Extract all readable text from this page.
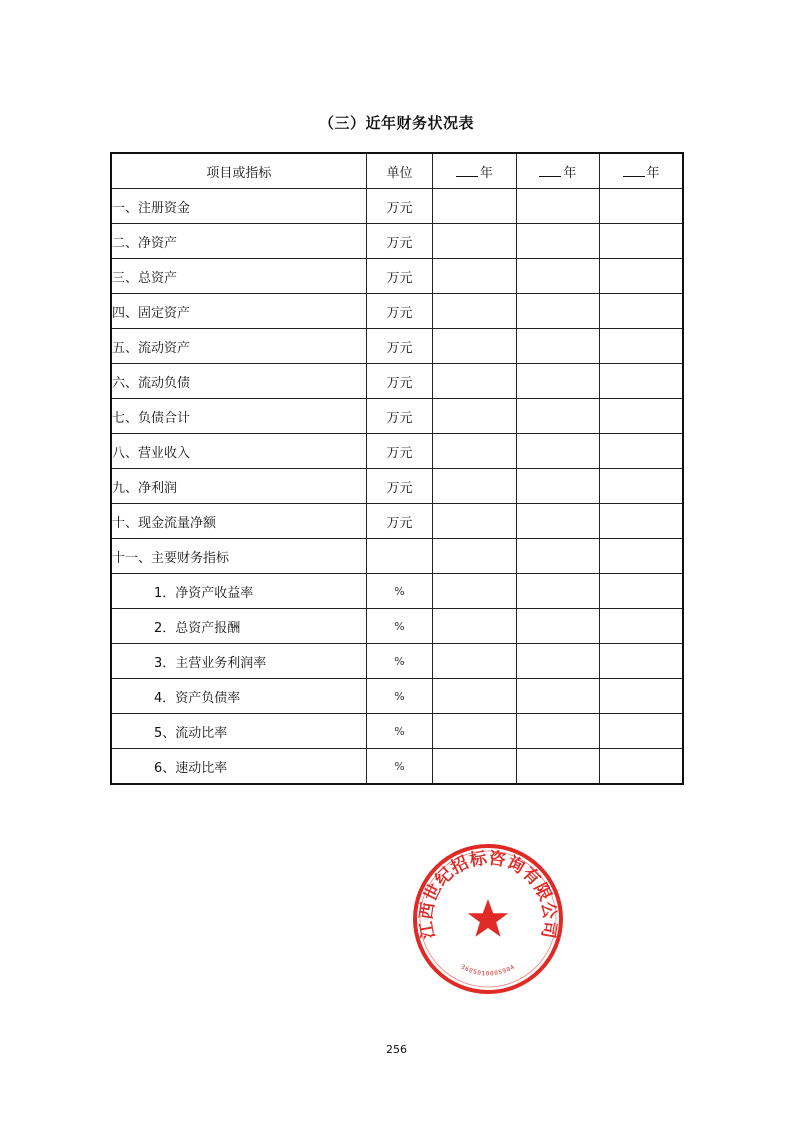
（三）近年财务状况表
项目或指标	单位	年	年	年
一、注册资金	万元			
二、净资产	万元			
三、总资产	万元			
四、固定资产	万元			
五、流动资产	万元			
六、流动负债	万元			
七、负债合计	万元			
八、营业收入	万元			
九、净利润	万元			
十、现金流量净额	万元			
十一、主要财务指标				
1．净资产收益率	%			
2．总资产报酬	%			
3．主营业务利润率	%			
4．资产负债率	%			
5、流动比率	%			
6、速动比率	%			
江西世纪招标咨询有限公司
3605010005904
256
